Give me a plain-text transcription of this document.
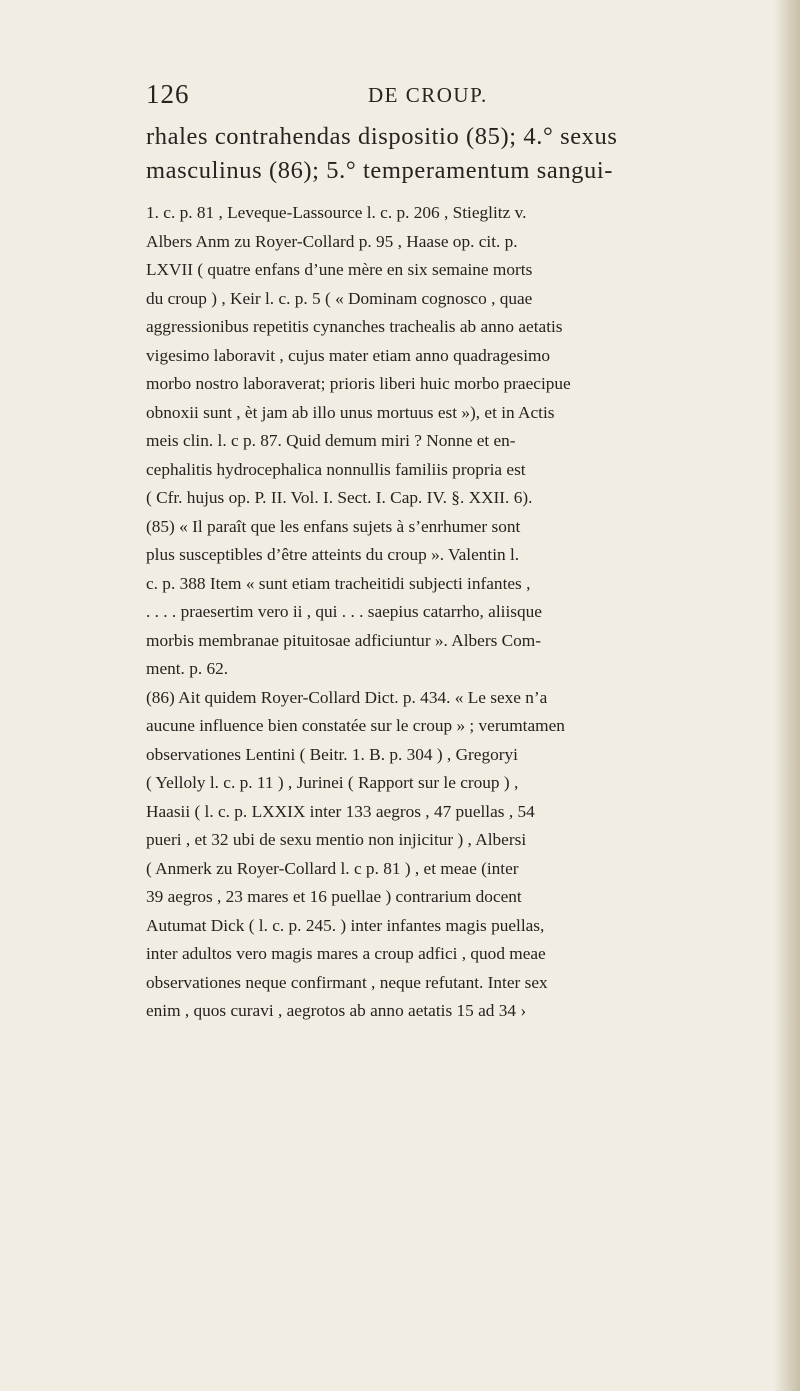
126	DE CROUP.

rhales contrahendas dispositio (85); 4.° sexus

masculinus (86); 5.° temperamentum sangui-

1. c. p. 81 , Leveque-Lassource l. c. p. 206 , Stieglitz v.

Albers Anm zu Royer-Collard p. 95 , Haase op. cit. p.

LXVII ( quatre enfans d’une mère en six semaine morts

du croup ) , Keir l. c. p. 5 ( « Dominam cognosco , quae

aggressionibus repetitis cynanches trachealis ab anno aetatis

vigesimo laboravit , cujus mater etiam anno quadragesimo

morbo nostro laboraverat; prioris liberi huic morbo praecipue

obnoxii sunt , èt jam ab illo unus mortuus est »), et in Actis

meis clin. l. c p. 87. Quid demum miri ? Nonne et en-

cephalitis hydrocephalica nonnullis familiis propria est

( Cfr. hujus op. P. II. Vol. I. Sect. I. Cap. IV. §. XXII. 6).

(85) « Il paraît que les enfans sujets à s’enrhumer sont

plus susceptibles d’être atteints du croup ». Valentin l.

c. p. 388 Item « sunt etiam tracheitidi subjecti infantes ,

. . . . praesertim vero ii , qui . . . saepius catarrho, aliisque

morbis membranae pituitosae adficiuntur ». Albers Com-

ment. p. 62.

(86) Ait quidem Royer-Collard Dict. p. 434. « Le sexe n’a

aucune influence bien constatée sur le croup » ; verumtamen

observationes Lentini ( Beitr. 1. B. p. 304 ) , Gregoryi

( Yelloly l. c. p. 11 ) , Jurinei ( Rapport sur le croup ) ,

Haasii ( l. c. p. LXXIX inter 133 aegros , 47 puellas , 54

pueri , et 32 ubi de sexu mentio non injicitur ) , Albersi

( Anmerk zu Royer-Collard l. c p. 81 ) , et meae (inter

39 aegros , 23 mares et 16 puellae ) contrarium docent

Autumat Dick ( l. c. p. 245. ) inter infantes magis puellas,

inter adultos vero magis mares a croup adfici , quod meae

observationes neque confirmant , neque refutant. Inter sex

enim , quos curavi , aegrotos ab anno aetatis 15 ad 34 ›
